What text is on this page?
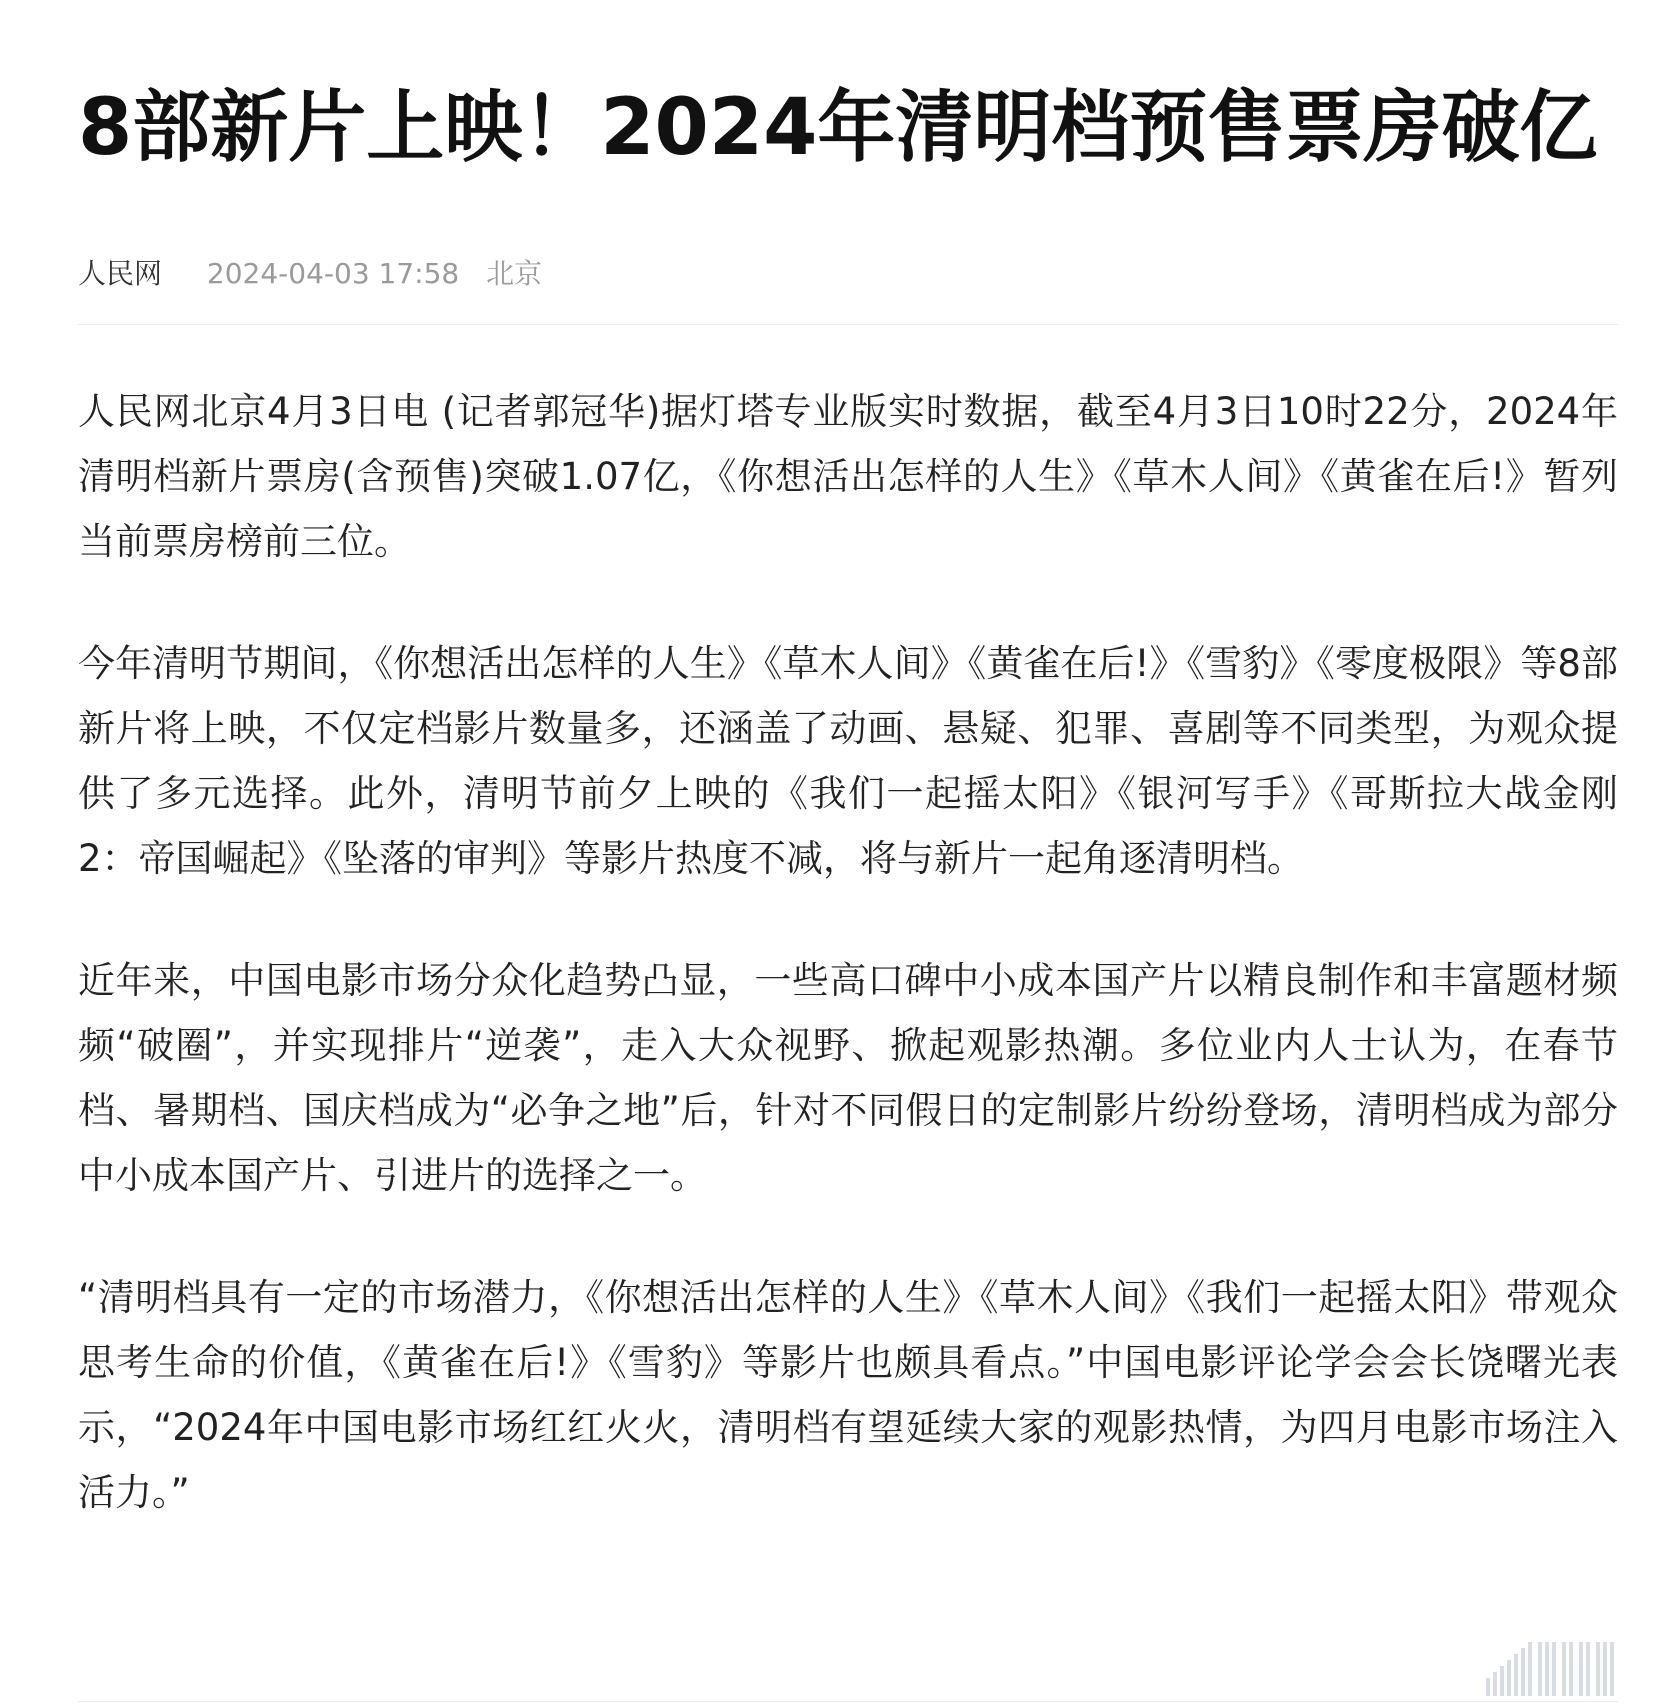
8部新片上映！2024年清明档预售票房破亿
人民网 2024-04-03 17:58 北京

人民网北京4月3日电 (记者郭冠华)据灯塔专业版实时数据，截至4月3日10时22分，2024年清明档新片票房(含预售)突破1.07亿，《你想活出怎样的人生》《草木人间》《黄雀在后!》暂列当前票房榜前三位。

今年清明节期间，《你想活出怎样的人生》《草木人间》《黄雀在后!》《雪豹》《零度极限》等8部新片将上映，不仅定档影片数量多，还涵盖了动画、悬疑、犯罪、喜剧等不同类型，为观众提供了多元选择。此外，清明节前夕上映的《我们一起摇太阳》《银河写手》《哥斯拉大战金刚2：帝国崛起》《坠落的审判》等影片热度不减，将与新片一起角逐清明档。

近年来，中国电影市场分众化趋势凸显，一些高口碑中小成本国产片以精良制作和丰富题材频频“破圈”，并实现排片“逆袭”，走入大众视野、掀起观影热潮。多位业内人士认为，在春节档、暑期档、国庆档成为“必争之地”后，针对不同假日的定制影片纷纷登场，清明档成为部分中小成本国产片、引进片的选择之一。

“清明档具有一定的市场潜力，《你想活出怎样的人生》《草木人间》《我们一起摇太阳》带观众思考生命的价值，《黄雀在后!》《雪豹》等影片也颇具看点。”中国电影评论学会会长饶曙光表示，“2024年中国电影市场红红火火，清明档有望延续大家的观影热情，为四月电影市场注入活力。”
